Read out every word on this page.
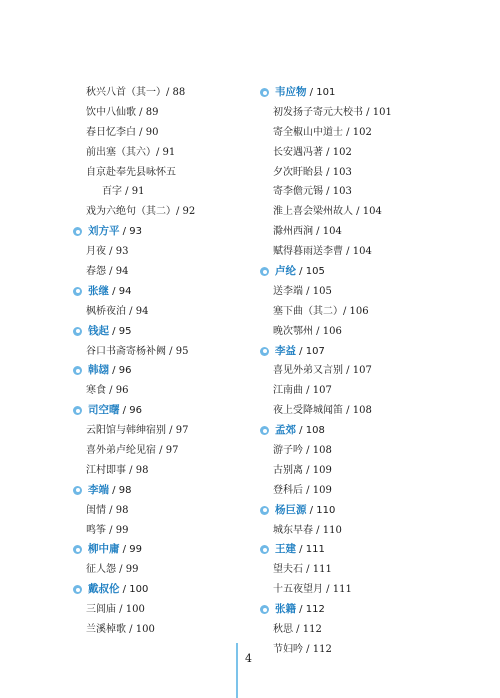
秋兴八首（其一）/ 88
饮中八仙歌 / 89
春日忆李白 / 90
前出塞（其六）/ 91
自京赴奉先县咏怀五
百字 / 91
戏为六绝句（其二）/ 92
刘方平 / 93
月夜 / 93
春怨 / 94
张继 / 94
枫桥夜泊 / 94
钱起 / 95
谷口书斋寄杨补阙 / 95
韩翃 / 96
寒食 / 96
司空曙 / 96
云阳馆与韩绅宿别 / 97
喜外弟卢纶见宿 / 97
江村即事 / 98
李端 / 98
闺情 / 98
鸣筝 / 99
柳中庸 / 99
征人怨 / 99
戴叔伦 / 100
三闾庙 / 100
兰溪棹歌 / 100
韦应物 / 101
初发扬子寄元大校书 / 101
寄全椒山中道士 / 102
长安遇冯著 / 102
夕次盱眙县 / 103
寄李儋元锡 / 103
淮上喜会梁州故人 / 104
滁州西涧 / 104
赋得暮雨送李曹 / 104
卢纶 / 105
送李端 / 105
塞下曲（其二）/ 106
晚次鄂州 / 106
李益 / 107
喜见外弟又言别 / 107
江南曲 / 107
夜上受降城闻笛 / 108
孟郊 / 108
游子吟 / 108
古别离 / 109
登科后 / 109
杨巨源 / 110
城东早春 / 110
王建 / 111
望夫石 / 111
十五夜望月 / 111
张籍 / 112
秋思 / 112
节妇吟 / 112
4
